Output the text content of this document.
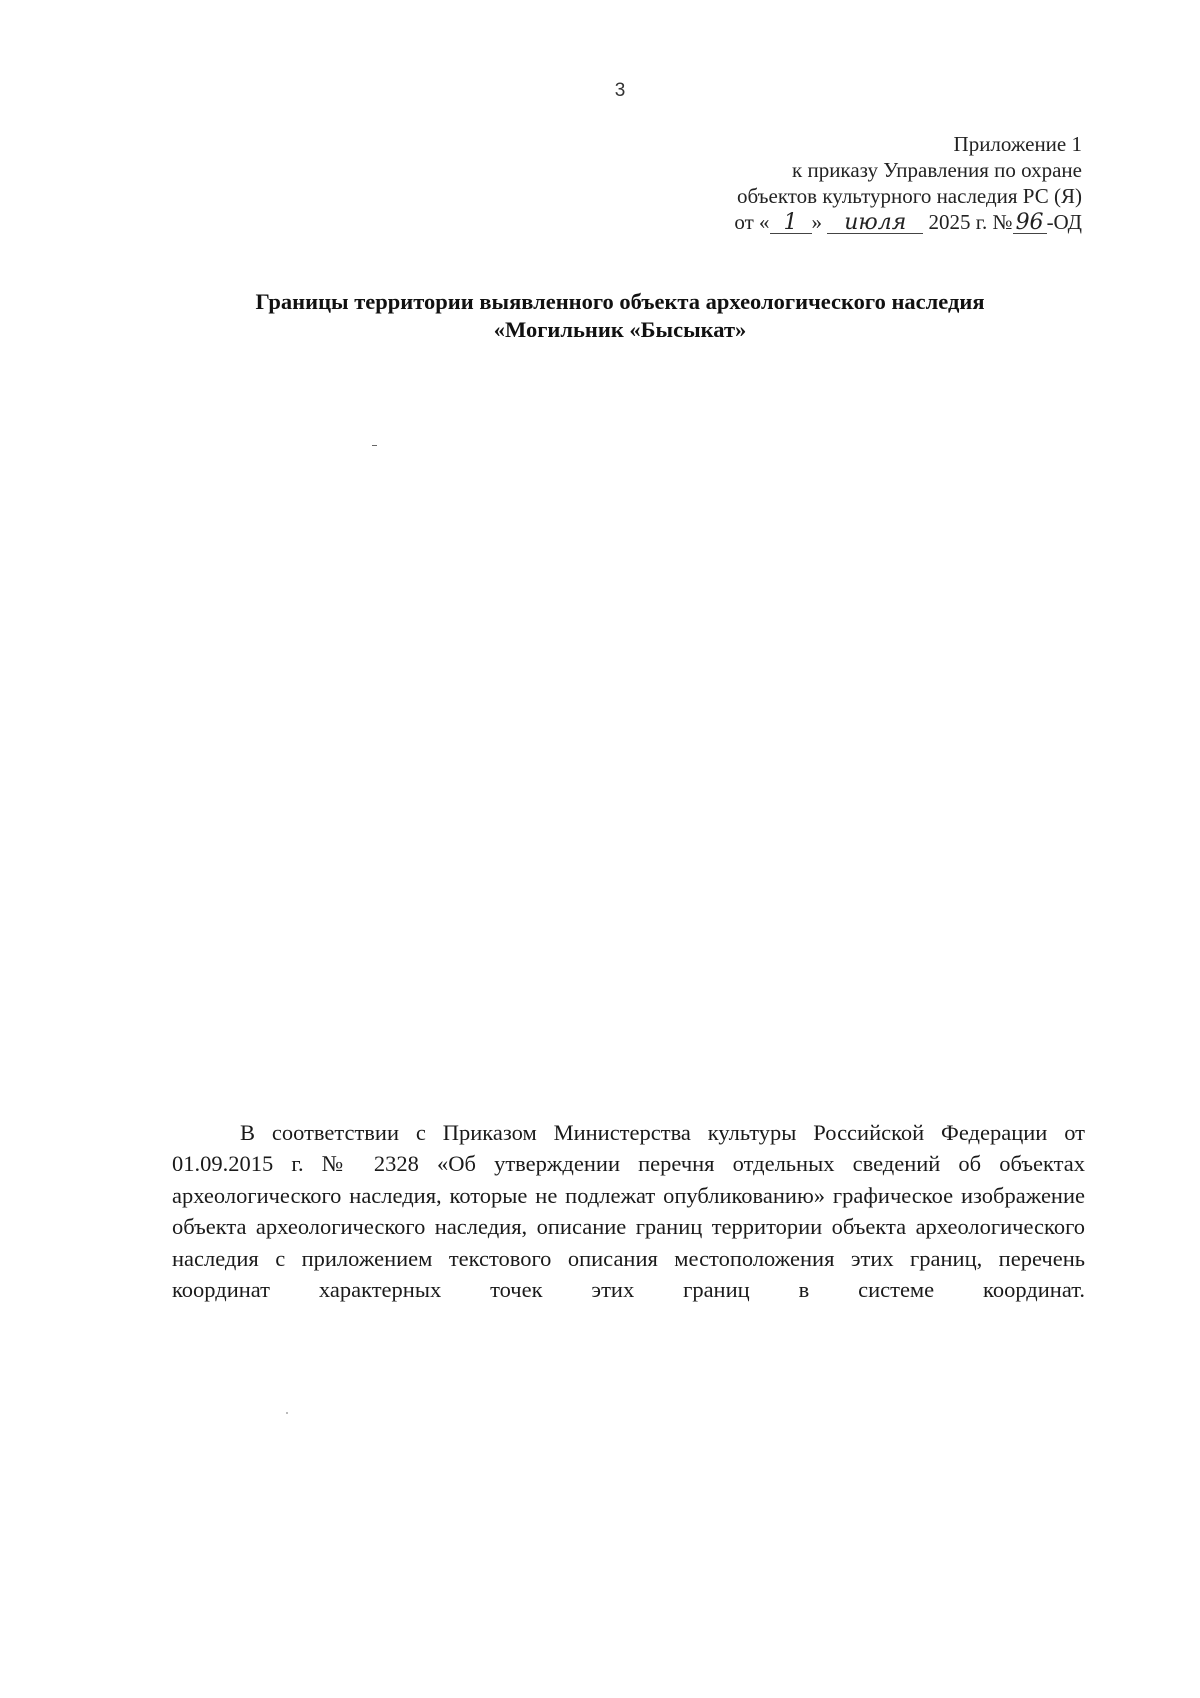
3
Приложение 1
к приказу Управления по охране
объектов культурного наследия РС (Я)
от « 1 » июля 2025 г. № 96 -ОД
Границы территории выявленного объекта археологического наследия
«Могильник «Бысыкат»

В соответствии с Приказом Министерства культуры Российской Федерации от 01.09.2015 г. № 2328 «Об утверждении перечня отдельных сведений об объектах археологического наследия, которые не подлежат опубликованию» графическое изображение объекта археологического наследия, описание границ территории объекта археологического наследия с приложением текстового описания местоположения этих границ, перечень координат характерных точек этих границ в системе координат.
